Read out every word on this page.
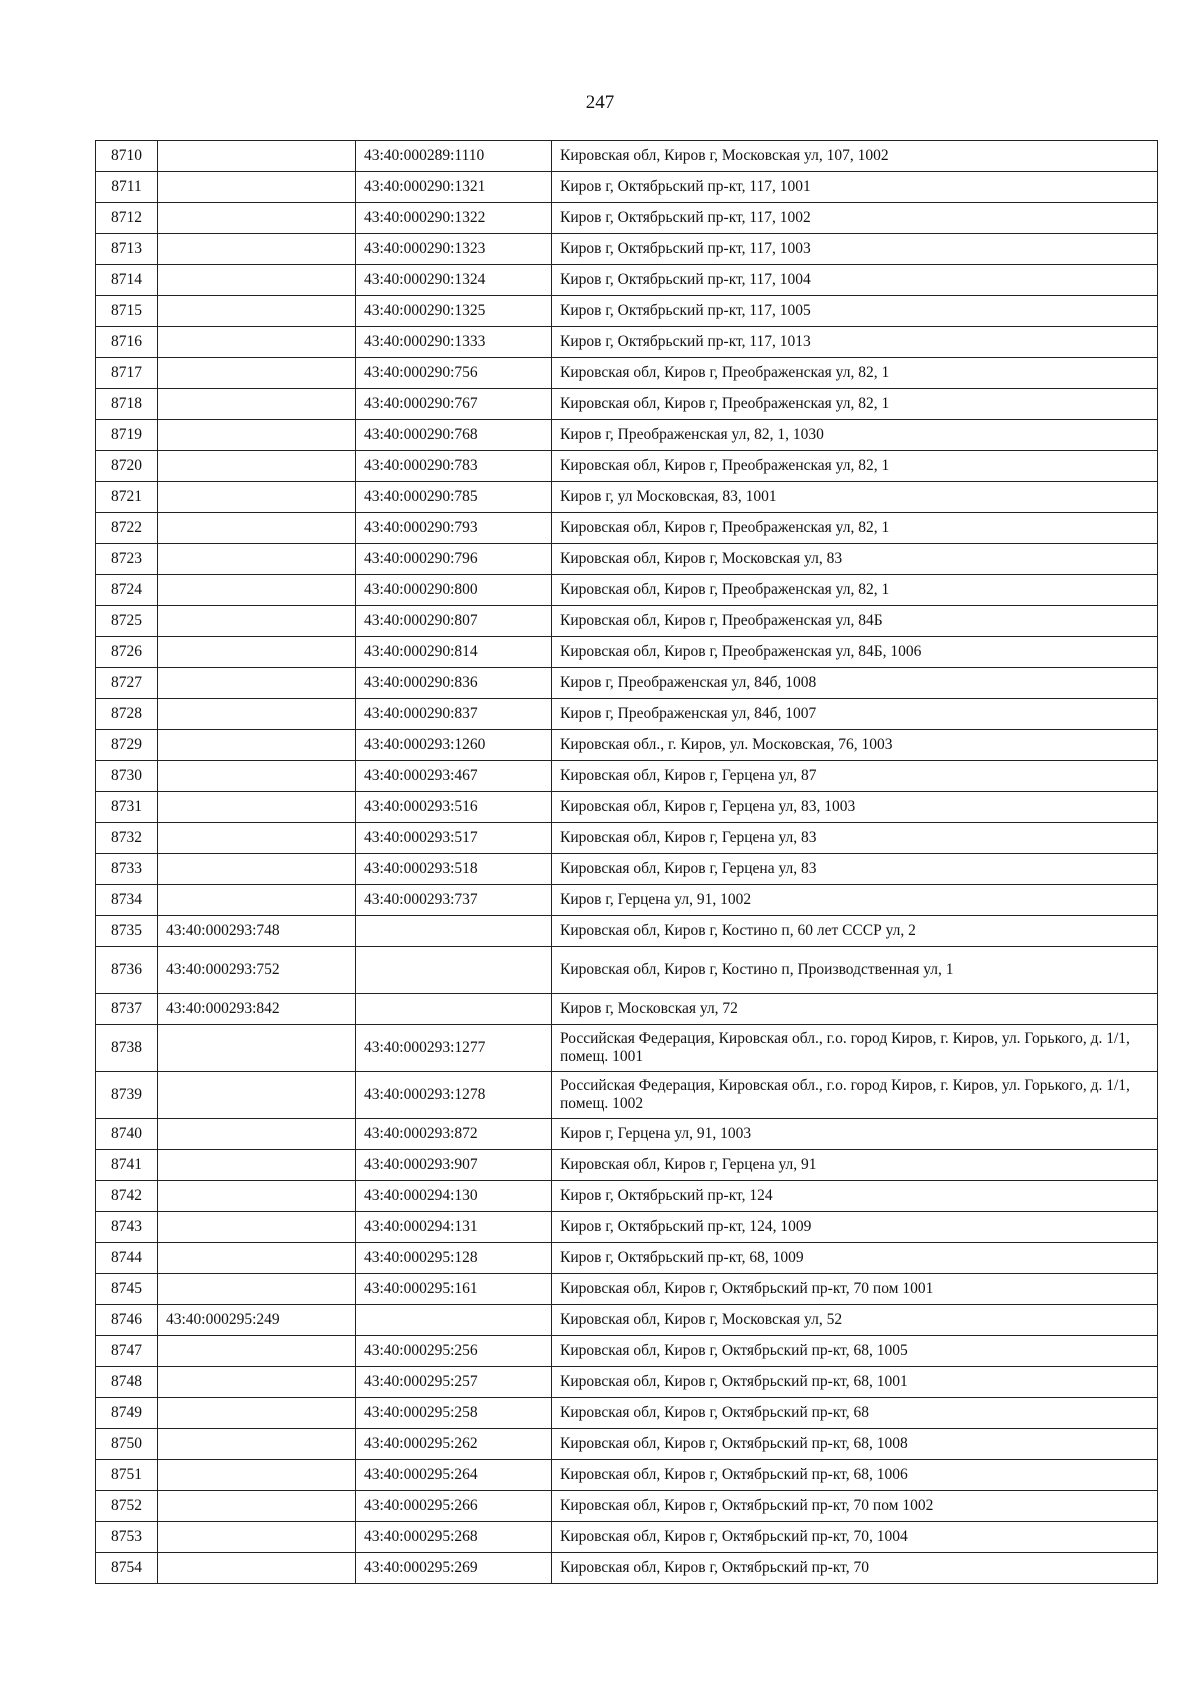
247
8710		43:40:000289:1110	Кировская обл, Киров г, Московская ул, 107, 1002
8711		43:40:000290:1321	Киров г, Октябрьский пр-кт, 117, 1001
8712		43:40:000290:1322	Киров г, Октябрьский пр-кт, 117, 1002
8713		43:40:000290:1323	Киров г, Октябрьский пр-кт, 117, 1003
8714		43:40:000290:1324	Киров г, Октябрьский пр-кт, 117, 1004
8715		43:40:000290:1325	Киров г, Октябрьский пр-кт, 117, 1005
8716		43:40:000290:1333	Киров г, Октябрьский пр-кт, 117, 1013
8717		43:40:000290:756	Кировская обл, Киров г, Преображенская ул, 82, 1
8718		43:40:000290:767	Кировская обл, Киров г, Преображенская ул, 82, 1
8719		43:40:000290:768	Киров г, Преображенская ул, 82, 1, 1030
8720		43:40:000290:783	Кировская обл, Киров г, Преображенская ул, 82, 1
8721		43:40:000290:785	Киров г, ул Московская, 83, 1001
8722		43:40:000290:793	Кировская обл, Киров г, Преображенская ул, 82, 1
8723		43:40:000290:796	Кировская обл, Киров г, Московская ул, 83
8724		43:40:000290:800	Кировская обл, Киров г, Преображенская ул, 82, 1
8725		43:40:000290:807	Кировская обл, Киров г, Преображенская ул, 84Б
8726		43:40:000290:814	Кировская обл, Киров г, Преображенская ул, 84Б, 1006
8727		43:40:000290:836	Киров г, Преображенская ул, 84б, 1008
8728		43:40:000290:837	Киров г, Преображенская ул, 84б, 1007
8729		43:40:000293:1260	Кировская обл., г. Киров, ул. Московская, 76, 1003
8730		43:40:000293:467	Кировская обл, Киров г, Герцена ул, 87
8731		43:40:000293:516	Кировская обл, Киров г, Герцена ул, 83, 1003
8732		43:40:000293:517	Кировская обл, Киров г, Герцена ул, 83
8733		43:40:000293:518	Кировская обл, Киров г, Герцена ул, 83
8734		43:40:000293:737	Киров г, Герцена ул, 91, 1002
8735	43:40:000293:748		Кировская обл, Киров г, Костино п, 60 лет СССР ул, 2
8736	43:40:000293:752		Кировская обл, Киров г, Костино п, Производственная ул, 1
8737	43:40:000293:842		Киров г, Московская ул, 72
8738		43:40:000293:1277	Российская Федерация, Кировская обл., г.о. город Киров, г. Киров, ул. Горького, д. 1/1, помещ. 1001
8739		43:40:000293:1278	Российская Федерация, Кировская обл., г.о. город Киров, г. Киров, ул. Горького, д. 1/1, помещ. 1002
8740		43:40:000293:872	Киров г, Герцена ул, 91, 1003
8741		43:40:000293:907	Кировская обл, Киров г, Герцена ул, 91
8742		43:40:000294:130	Киров г, Октябрьский пр-кт, 124
8743		43:40:000294:131	Киров г, Октябрьский пр-кт, 124, 1009
8744		43:40:000295:128	Киров г, Октябрьский пр-кт, 68, 1009
8745		43:40:000295:161	Кировская обл, Киров г, Октябрьский пр-кт, 70 пом 1001
8746	43:40:000295:249		Кировская обл, Киров г, Московская ул, 52
8747		43:40:000295:256	Кировская обл, Киров г, Октябрьский пр-кт, 68, 1005
8748		43:40:000295:257	Кировская обл, Киров г, Октябрьский пр-кт, 68, 1001
8749		43:40:000295:258	Кировская обл, Киров г, Октябрьский пр-кт, 68
8750		43:40:000295:262	Кировская обл, Киров г, Октябрьский пр-кт, 68, 1008
8751		43:40:000295:264	Кировская обл, Киров г, Октябрьский пр-кт, 68, 1006
8752		43:40:000295:266	Кировская обл, Киров г, Октябрьский пр-кт, 70 пом 1002
8753		43:40:000295:268	Кировская обл, Киров г, Октябрьский пр-кт, 70, 1004
8754		43:40:000295:269	Кировская обл, Киров г, Октябрьский пр-кт, 70
